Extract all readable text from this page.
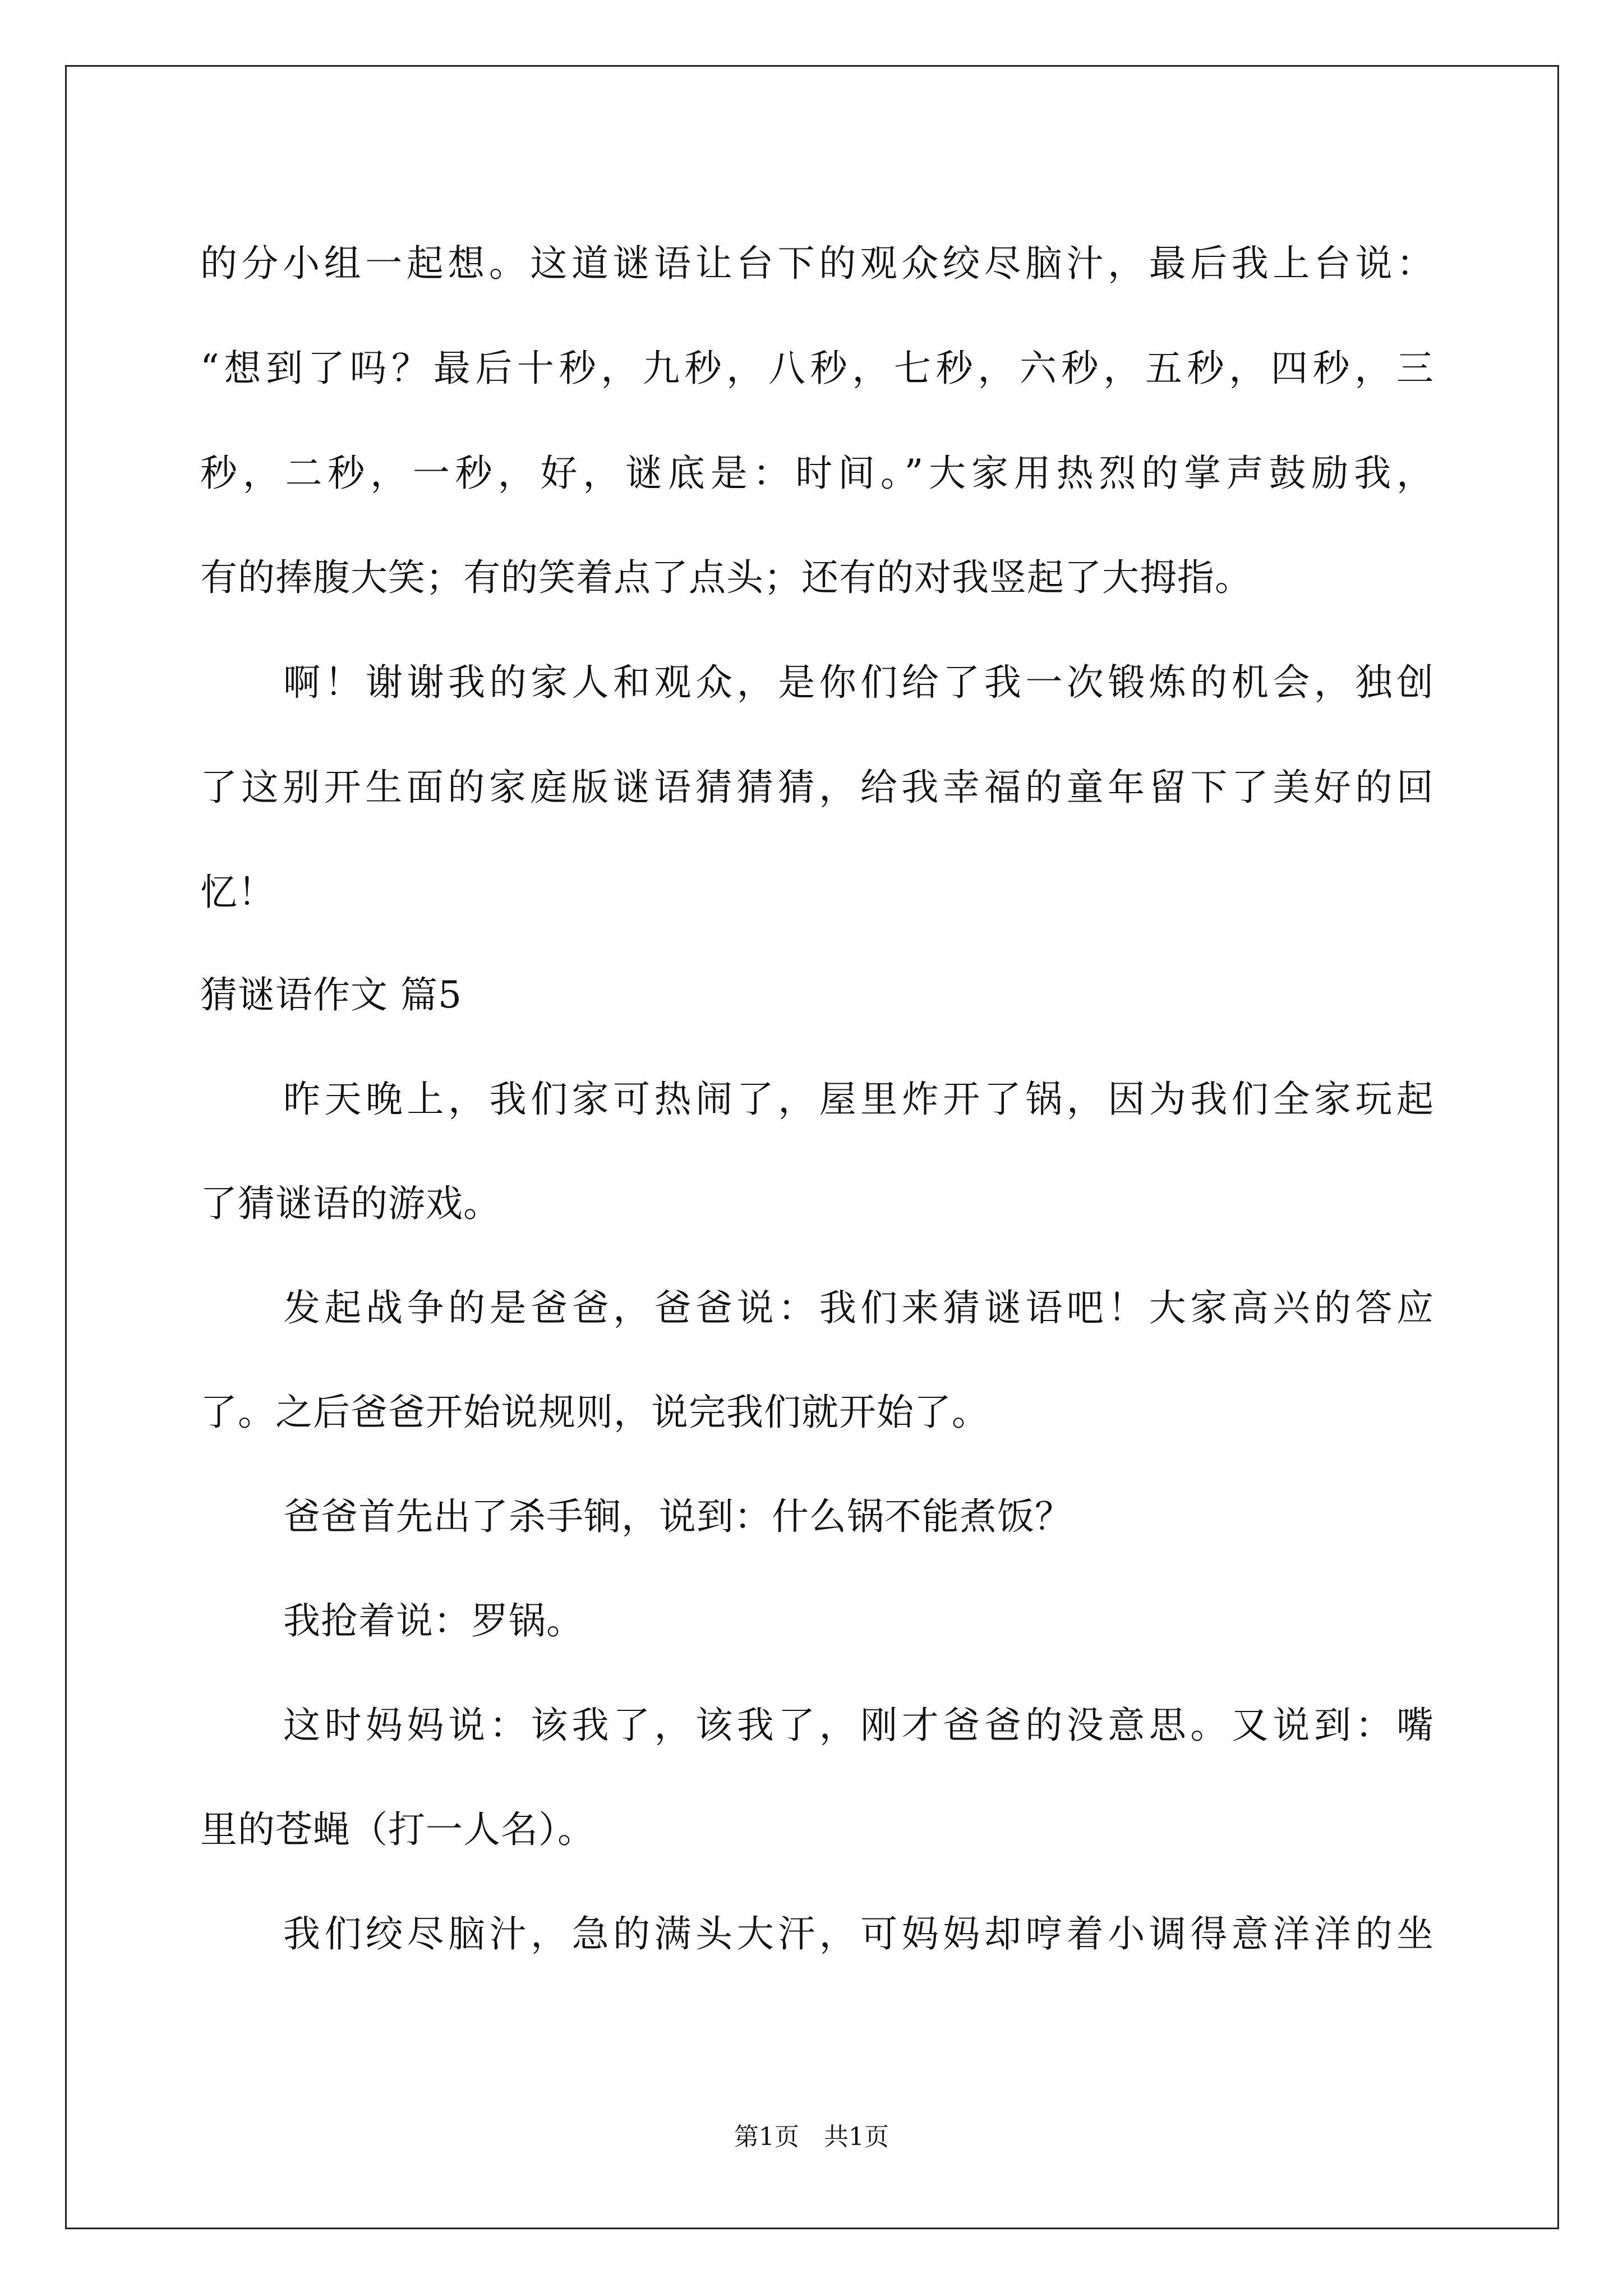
的分小组一起想。这道谜语让台下的观众绞尽脑汁，最后我上台说：
“想到了吗？最后十秒，九秒，八秒，七秒，六秒，五秒，四秒，三
秒，二秒，一秒，好，谜底是：时间。”大家用热烈的掌声鼓励我，
有的捧腹大笑；有的笑着点了点头；还有的对我竖起了大拇指。
啊！谢谢我的家人和观众，是你们给了我一次锻炼的机会，独创
了这别开生面的家庭版谜语猜猜猜，给我幸福的童年留下了美好的回
忆！
猜谜语作文 篇5
昨天晚上，我们家可热闹了，屋里炸开了锅，因为我们全家玩起
了猜谜语的游戏。
发起战争的是爸爸，爸爸说：我们来猜谜语吧！大家高兴的答应
了。之后爸爸开始说规则，说完我们就开始了。
爸爸首先出了杀手锏，说到：什么锅不能煮饭？
我抢着说：罗锅。
这时妈妈说：该我了，该我了，刚才爸爸的没意思。又说到：嘴
里的苍蝇（打一人名）。
我们绞尽脑汁，急的满头大汗，可妈妈却哼着小调得意洋洋的坐
第1页　共1页
